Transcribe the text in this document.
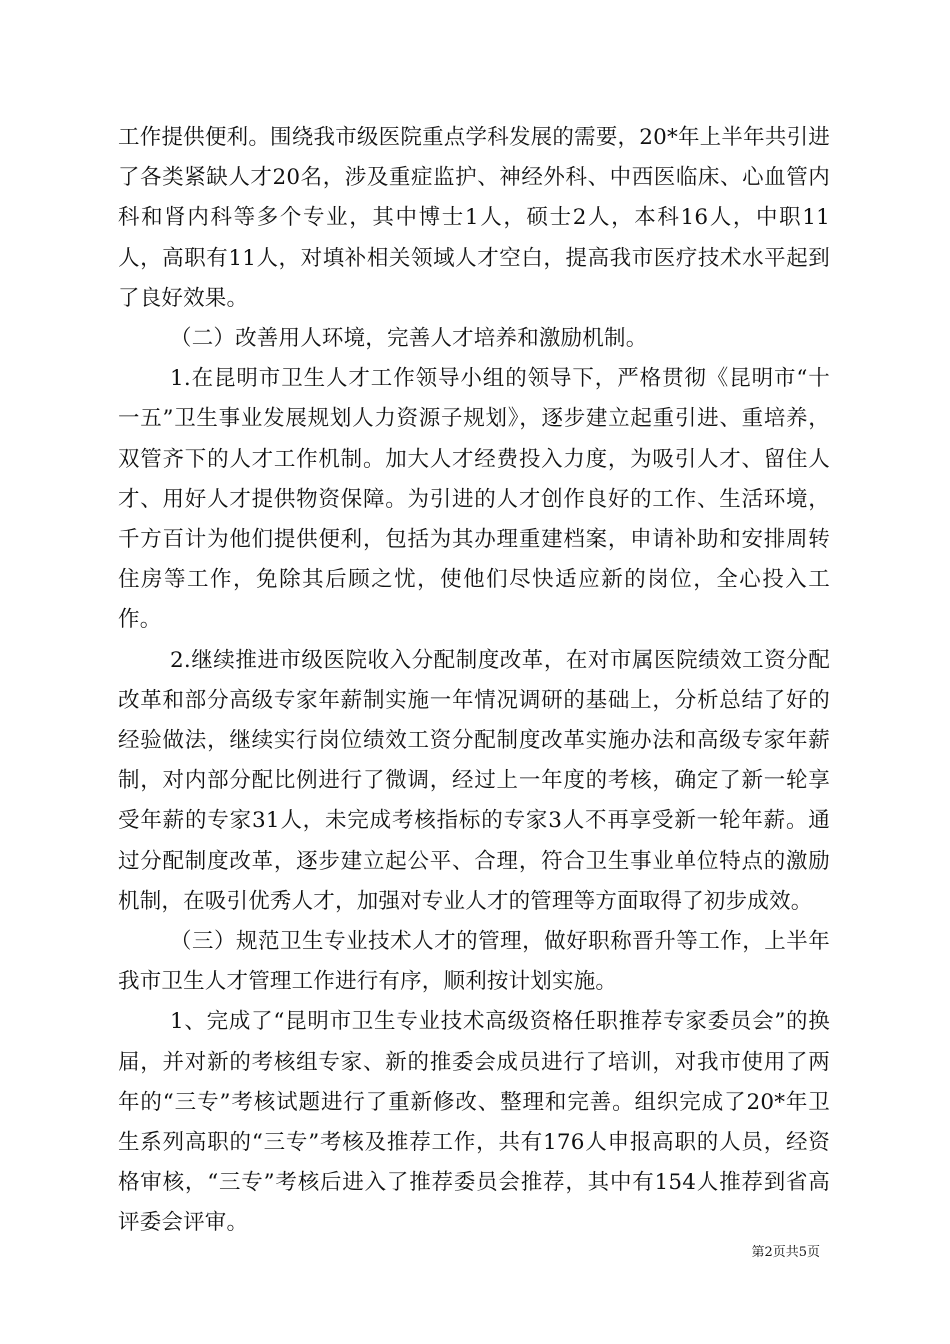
工作提供便利。围绕我市级医院重点学科发展的需要，20*年上半年共引进了各类紧缺人才20名，涉及重症监护、神经外科、中西医临床、心血管内科和肾内科等多个专业，其中博士1人，硕士2人，本科16人，中职11人，高职有11人，对填补相关领域人才空白，提高我市医疗技术水平起到了良好效果。

（二）改善用人环境，完善人才培养和激励机制。

1.在昆明市卫生人才工作领导小组的领导下，严格贯彻《昆明市“十一五”卫生事业发展规划人力资源子规划》，逐步建立起重引进、重培养，双管齐下的人才工作机制。加大人才经费投入力度，为吸引人才、留住人才、用好人才提供物资保障。为引进的人才创作良好的工作、生活环境，千方百计为他们提供便利，包括为其办理重建档案，申请补助和安排周转住房等工作，免除其后顾之忧，使他们尽快适应新的岗位，全心投入工作。

2.继续推进市级医院收入分配制度改革，在对市属医院绩效工资分配改革和部分高级专家年薪制实施一年情况调研的基础上，分析总结了好的经验做法，继续实行岗位绩效工资分配制度改革实施办法和高级专家年薪制，对内部分配比例进行了微调，经过上一年度的考核，确定了新一轮享受年薪的专家31人，未完成考核指标的专家3人不再享受新一轮年薪。通过分配制度改革，逐步建立起公平、合理，符合卫生事业单位特点的激励机制，在吸引优秀人才，加强对专业人才的管理等方面取得了初步成效。

（三）规范卫生专业技术人才的管理，做好职称晋升等工作，上半年我市卫生人才管理工作进行有序，顺利按计划实施。

1、完成了“昆明市卫生专业技术高级资格任职推荐专家委员会”的换届，并对新的考核组专家、新的推委会成员进行了培训，对我市使用了两年的“三专”考核试题进行了重新修改、整理和完善。组织完成了20*年卫生系列高职的“三专”考核及推荐工作，共有176人申报高职的人员，经资格审核，“三专”考核后进入了推荐委员会推荐，其中有154人推荐到省高评委会评审。

第2页共5页
